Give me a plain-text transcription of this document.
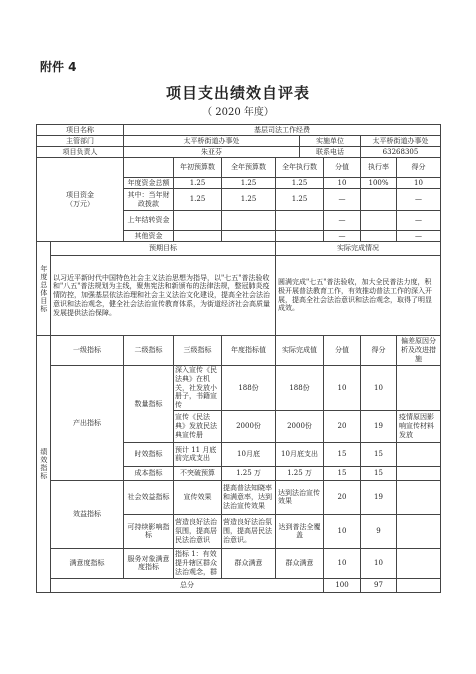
附件 4
项目支出绩效自评表
（ 2020 年度）
项目名称		基层司法工作经费							
主管部门		太平桥街道办事处				实施单位		太平桥街道办事处	
项目负责人		朱亚芬				联系电话		63268305	
项目资金
（万元）			年初预算数	全年预算数	全年执行数		分值	执行率	得分
		年度资金总额	1.25	1.25	1.25		10	100%	10
		其中：当年财政拨款	1.25	1.25	1.25		—		—
		上年结转资金					—		—
		其他资金					—		—
年度总体目标	预期目标				实际完成情况				
	以习近平新时代中国特色社会主义法治思想为指导，以"七五"普法验收和"八五"普法规划为主线，聚焦宪法和新颁布的法律法规，整冠肺炎疫情防控，加强基层依法治理和社会主义法治文化建设，提高全社会法治意识和法治观念，健全社会法治宣传教育体系，为街道经济社会高质量发展提供法治保障。				圆满完成"七五"普法验收，加大全民普法力度，积极开展普法教育工作，有效推动普法工作的深入开展，提高全社会法治意识和法治观念，取得了明显成效。				
绩效指标	一级指标	二级指标	三级指标	年度指标值	实际完成值		分值	得分	偏差原因分析及改进措施
	产出指标	数量指标	深入宣传《民法典》在机关，社发放小册子，书籍宣传	188份	188份		10	10	
			宣传《民法典》发放民法典宣传册	2000份	2000份		20	19	疫情原因影响宣传材料发放
		时效指标	预计 11 月底前完成支出	10月底	10月底支出		15	15	
		成本指标	不突破预算	1.25 万	1.25 万		15	15	
	效益指标	社会效益指标	宣传效果	提高普法知晓率和满意率，达到法治宣传效果	达到法治宣传效果		20	19	
		可持续影响指标	营造良好法治氛围，提高居民法治意识	营造良好法治氛围，提高居民法治意识。	达到普法全覆盖		10	9	
	满意度指标	服务对象满意度指标	指标 1：有效提升辖区群众法治观念，群	群众满意	群众满意		10	10	
	总分						100	97	
